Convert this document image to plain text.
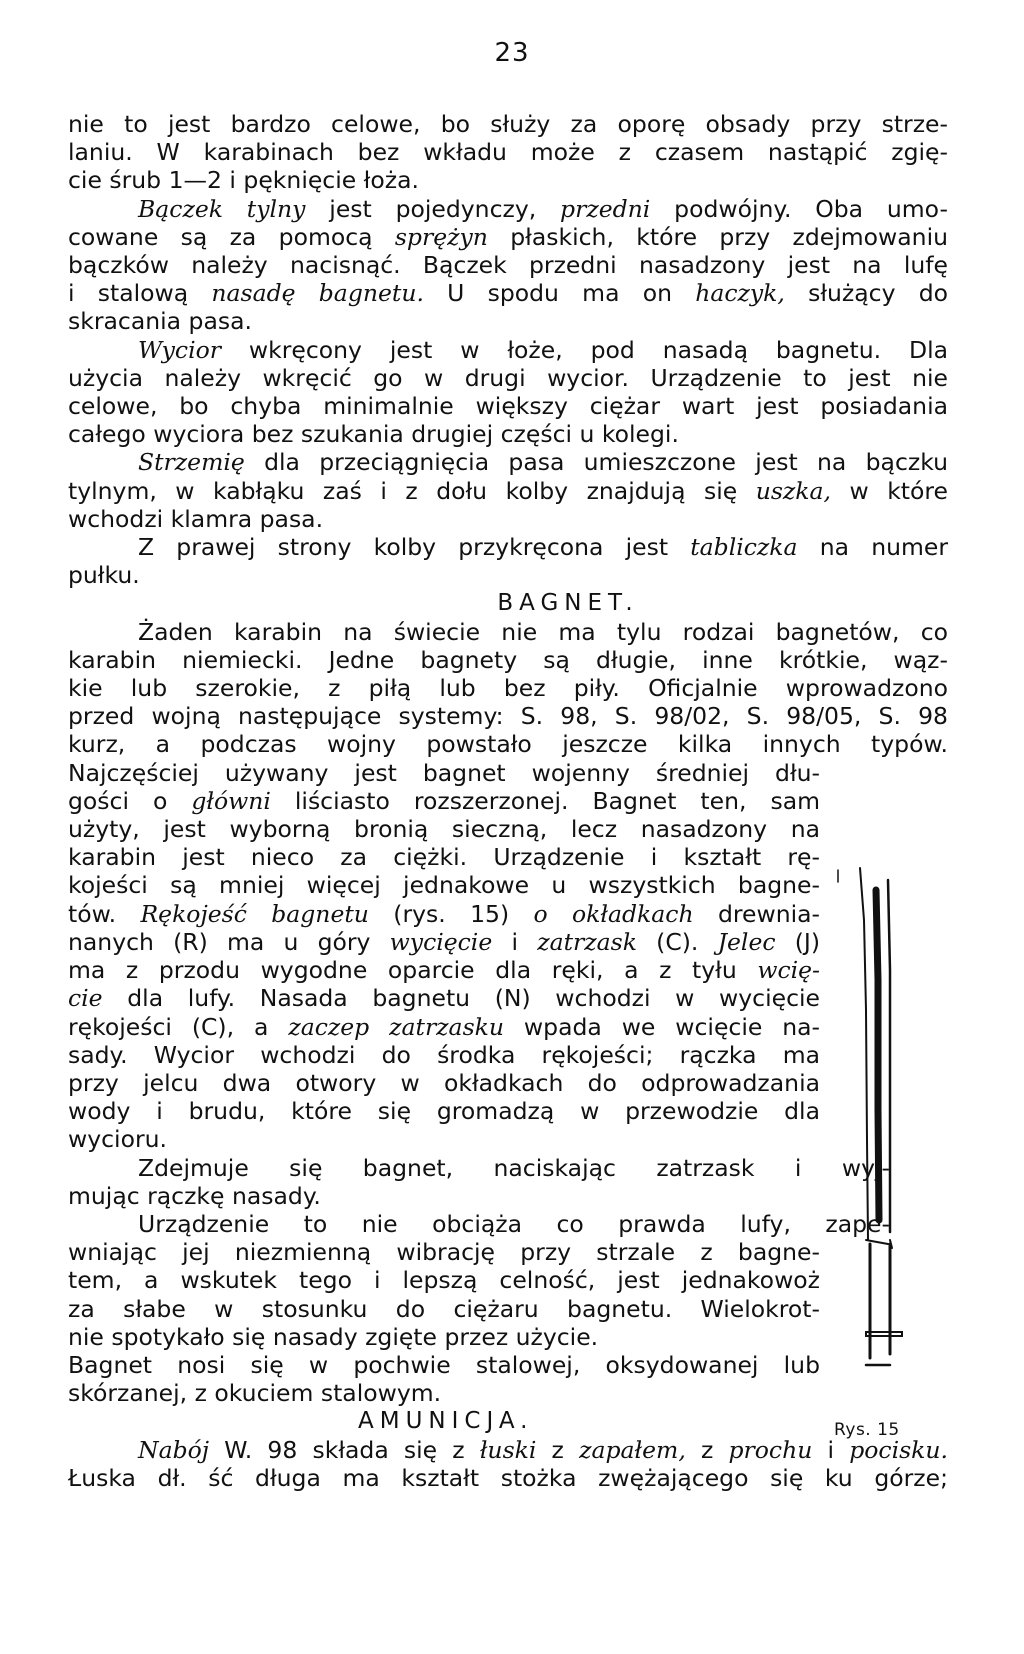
23
nie to jest bardzo celowe, bo służy za oporę obsady przy strze-
laniu. W karabinach bez wkładu może z czasem nastąpić zgię-
cie śrub 1—2 i pęknięcie łoża.
Bączek tylny jest pojedynczy, przedni podwójny. Oba umo-
cowane są za pomocą sprężyn płaskich, które przy zdejmowaniu
bączków należy nacisnąć. Bączek przedni nasadzony jest na lufę
i stalową nasadę bagnetu. U spodu ma on haczyk, służący do
skracania pasa.
Wycior wkręcony jest w łoże, pod nasadą bagnetu. Dla
użycia należy wkręcić go w drugi wycior. Urządzenie to jest nie
celowe, bo chyba minimalnie większy ciężar wart jest posiadania
całego wyciora bez szukania drugiej części u kolegi.
Strzemię dla przeciągnięcia pasa umieszczone jest na bączku
tylnym, w kabłąku zaś i z dołu kolby znajdują się uszka, w które
wchodzi klamra pasa.
Z prawej strony kolby przykręcona jest tabliczka na numer
pułku.
BAGNET.
Żaden karabin na świecie nie ma tylu rodzai bagnetów, co
karabin niemiecki. Jedne bagnety są długie, inne krótkie, wąz-
kie lub szerokie, z piłą lub bez piły. Oficjalnie wprowadzono
przed wojną następujące systemy: S. 98, S. 98/02, S. 98/05, S. 98
kurz, a podczas wojny powstało jeszcze kilka innych typów.
Najczęściej używany jest bagnet wojenny średniej dłu-
gości o główni liściasto rozszerzonej. Bagnet ten, sam
użyty, jest wyborną bronią sieczną, lecz nasadzony na
karabin jest nieco za ciężki. Urządzenie i kształt rę-
kojeści są mniej więcej jednakowe u wszystkich bagne-
tów. Rękojeść bagnetu (rys. 15) o okładkach drewnia-
nanych (R) ma u góry wycięcie i zatrzask (C). Jelec (J)
ma z przodu wygodne oparcie dla ręki, a z tyłu wcię-
cie dla lufy. Nasada bagnetu (N) wchodzi w wycięcie
rękojeści (C), a zaczep zatrzasku wpada we wcięcie na-
sady. Wycior wchodzi do środka rękojeści; rączka ma
przy jelcu dwa otwory w okładkach do odprowadzania
wody i brudu, które się gromadzą w przewodzie dla
wycioru.
Zdejmuje się bagnet, naciskając zatrzask i wyj-
mując rączkę nasady.
Urządzenie to nie obciąża co prawda lufy, zape-
wniając jej niezmienną wibrację przy strzale z bagne-
tem, a wskutek tego i lepszą celność, jest jednakowoż
za słabe w stosunku do ciężaru bagnetu. Wielokrot-
nie spotykało się nasady zgięte przez użycie.
Bagnet nosi się w pochwie stalowej, oksydowanej lub
skórzanej, z okuciem stalowym.
AMUNICJA.
Nabój W. 98 składa się z łuski z zapałem, z prochu i pocisku.
Łuska dł. ść długa ma kształt stożka zwężającego się ku górze;
Rys. 15
